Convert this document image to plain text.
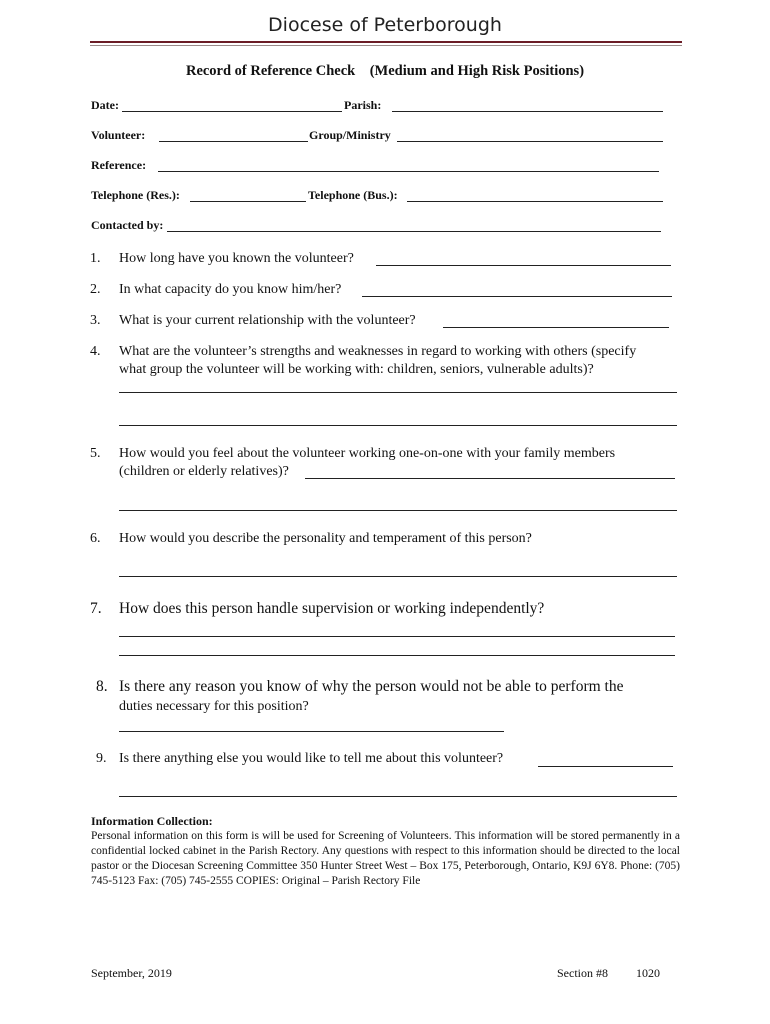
Diocese of Peterborough
Record of Reference Check    (Medium and High Risk Positions)
Date:	Parish:
Volunteer:	Group/Ministry
Reference:
Telephone (Res.):	Telephone (Bus.):
Contacted by:
1. How long have you known the volunteer?
2. In what capacity do you know him/her?
3. What is your current relationship with the volunteer?
4. What are the volunteer’s strengths and weaknesses in regard to working with others (specify
what group the volunteer will be working with: children, seniors, vulnerable adults)?
5. How would you feel about the volunteer working one-on-one with your family members
(children or elderly relatives)?
6. How would you describe the personality and temperament of this person?
7. How does this person handle supervision or working independently?
8. Is there any reason you know of why the person would not be able to perform the
duties necessary for this position?
9. Is there anything else you would like to tell me about this volunteer?
Information Collection:
Personal information on this form is will be used for Screening of Volunteers. This information will be stored permanently in a confidential locked cabinet in the Parish Rectory. Any questions with respect to this information should be directed to the local pastor or the Diocesan Screening Committee 350 Hunter Street West – Box 175, Peterborough, Ontario, K9J 6Y8. Phone: (705) 745-5123 Fax: (705) 745-2555 COPIES: Original – Parish Rectory File
September, 2019	Section #8 1020
